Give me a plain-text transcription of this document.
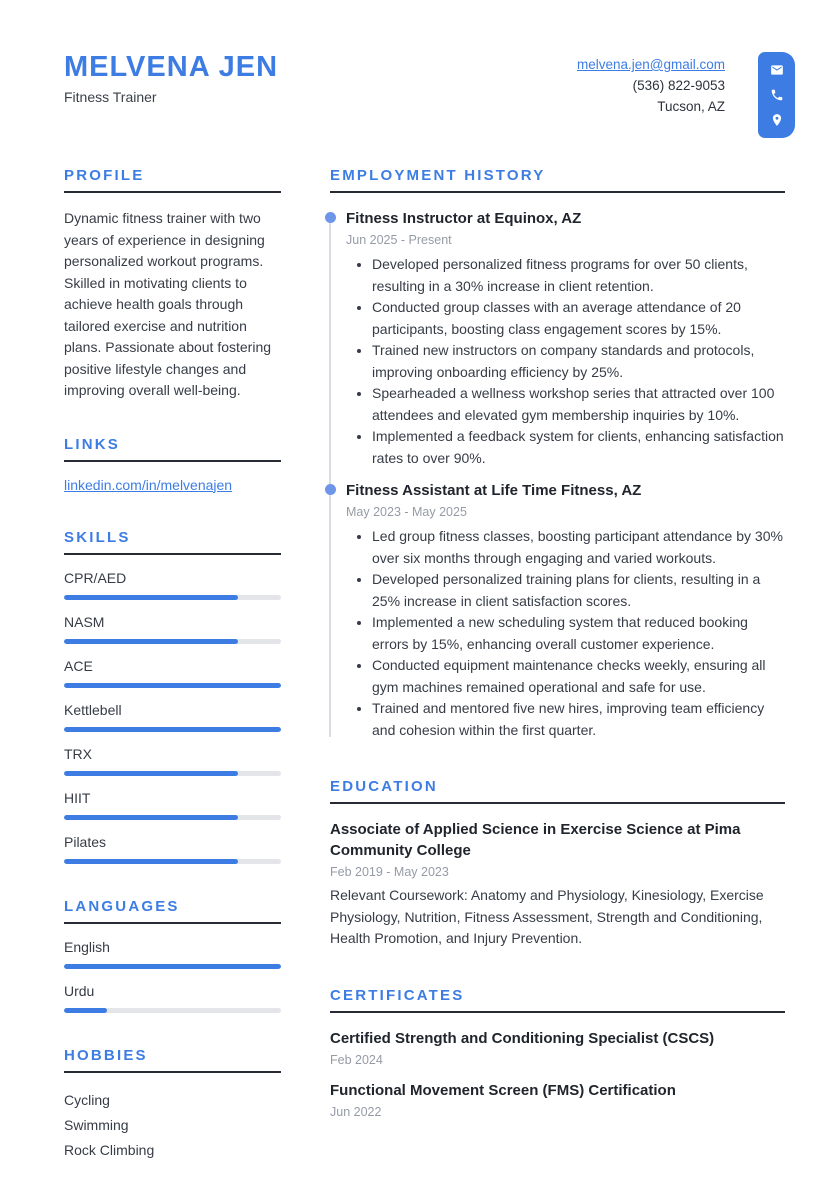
MELVENA JEN
Fitness Trainer
melvena.jen@gmail.com
(536) 822-9053
Tucson, AZ
PROFILE
Dynamic fitness trainer with two years of experience in designing personalized workout programs. Skilled in motivating clients to achieve health goals through tailored exercise and nutrition plans. Passionate about fostering positive lifestyle changes and improving overall well-being.
LINKS
linkedin.com/in/melvenajen
SKILLS
CPR/AED
NASM
ACE
Kettlebell
TRX
HIIT
Pilates
LANGUAGES
English
Urdu
HOBBIES
Cycling
Swimming
Rock Climbing
EMPLOYMENT HISTORY
Fitness Instructor at Equinox, AZ
Jun 2025 - Present
• Developed personalized fitness programs for over 50 clients, resulting in a 30% increase in client retention.
• Conducted group classes with an average attendance of 20 participants, boosting class engagement scores by 15%.
• Trained new instructors on company standards and protocols, improving onboarding efficiency by 25%.
• Spearheaded a wellness workshop series that attracted over 100 attendees and elevated gym membership inquiries by 10%.
• Implemented a feedback system for clients, enhancing satisfaction rates to over 90%.
Fitness Assistant at Life Time Fitness, AZ
May 2023 - May 2025
• Led group fitness classes, boosting participant attendance by 30% over six months through engaging and varied workouts.
• Developed personalized training plans for clients, resulting in a 25% increase in client satisfaction scores.
• Implemented a new scheduling system that reduced booking errors by 15%, enhancing overall customer experience.
• Conducted equipment maintenance checks weekly, ensuring all gym machines remained operational and safe for use.
• Trained and mentored five new hires, improving team efficiency and cohesion within the first quarter.
EDUCATION
Associate of Applied Science in Exercise Science at Pima Community College
Feb 2019 - May 2023
Relevant Coursework: Anatomy and Physiology, Kinesiology, Exercise Physiology, Nutrition, Fitness Assessment, Strength and Conditioning, Health Promotion, and Injury Prevention.
CERTIFICATES
Certified Strength and Conditioning Specialist (CSCS)
Feb 2024
Functional Movement Screen (FMS) Certification
Jun 2022
